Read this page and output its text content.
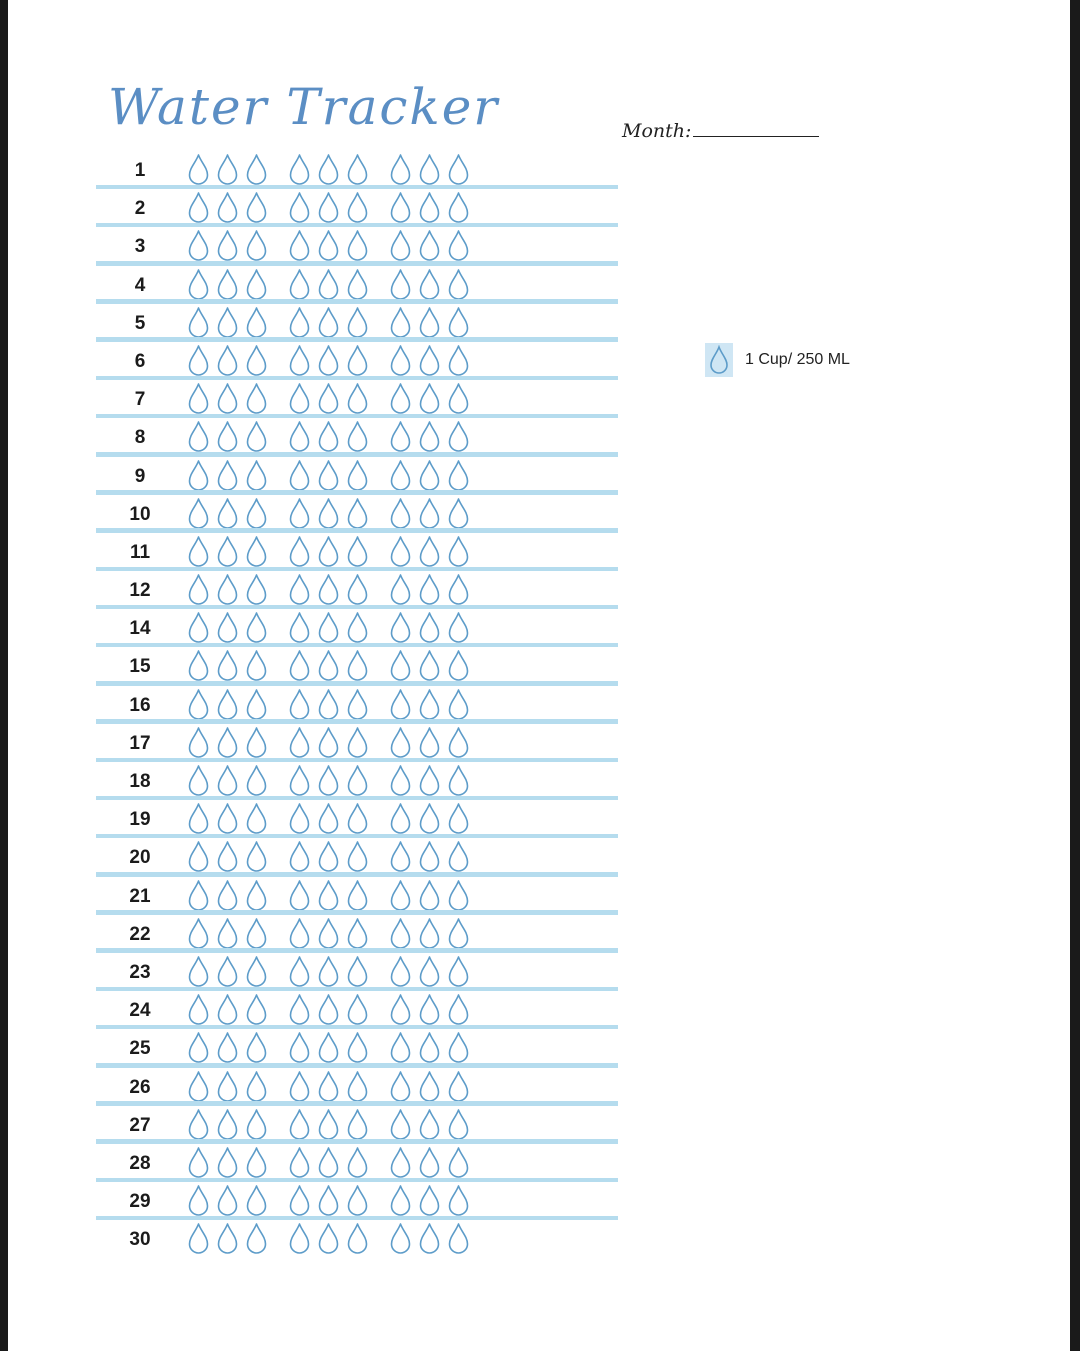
Water Tracker	Month:
1 Cup/ 250 ML
1
2
3
4
5
6
7
8
9
10
11
12
14
15
16
17
18
19
20
21
22
23
24
25
26
27
28
29
30
